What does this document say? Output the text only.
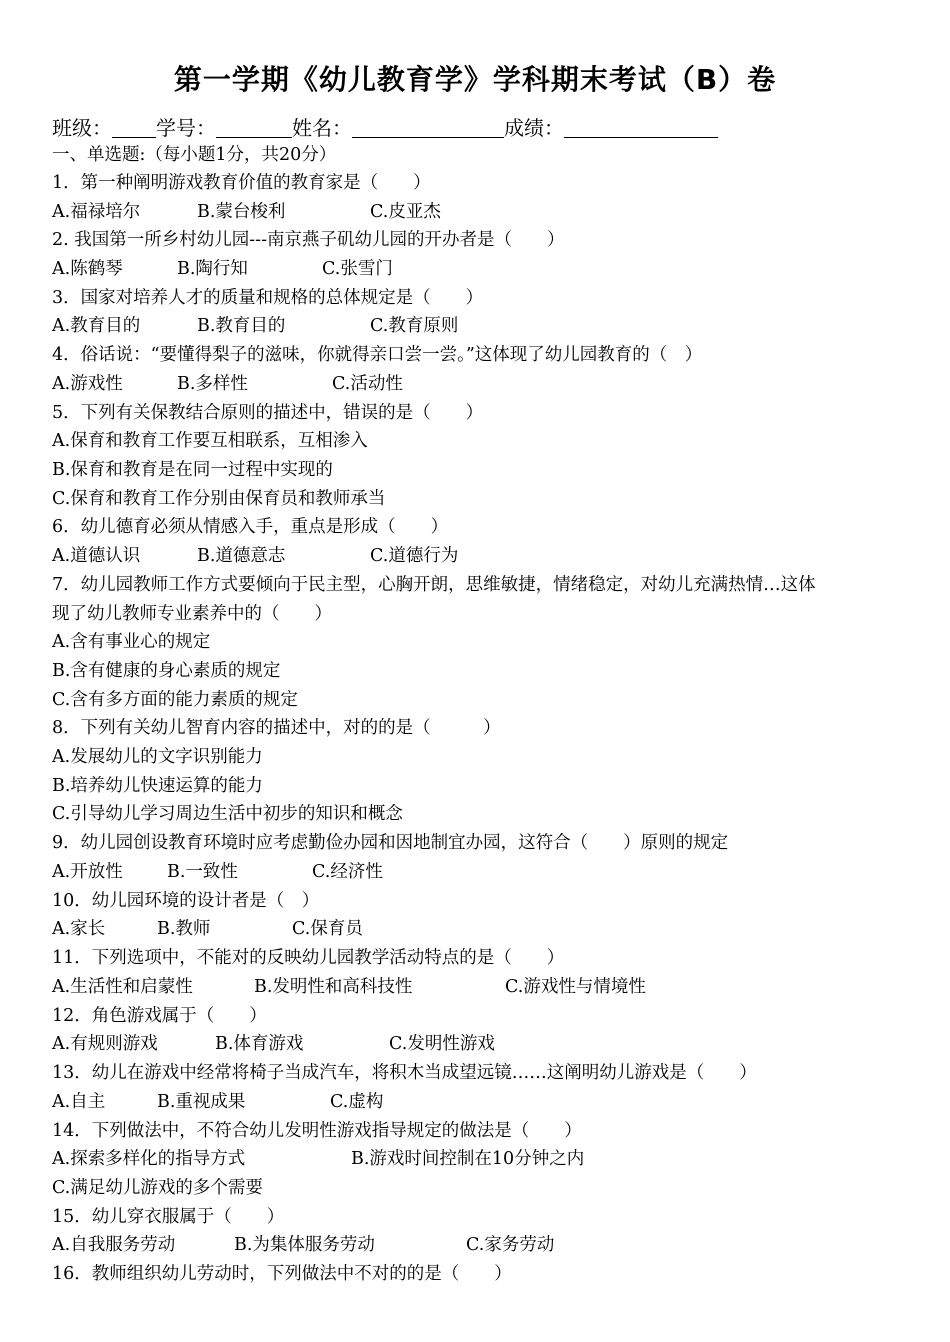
第一学期《幼儿教育学》学科期末考试（B）卷
班级： 学号：	姓名：	成绩：
一、单选题:（每小题1分，共20分）
1．第一种阐明游戏教育价值的教育家是（　　）
A.福禄培尔	B.蒙台梭利	C.皮亚杰
2. 我国第一所乡村幼儿园---南京燕子矶幼儿园的开办者是（　　）
A.陈鹤琴	B.陶行知	C.张雪门
3．国家对培养人才的质量和规格的总体规定是（　　）
A.教育目的	B.教育目的	C.教育原则
4．俗话说：“要懂得梨子的滋味，你就得亲口尝一尝。”这体现了幼儿园教育的（　）
A.游戏性	B.多样性	C.活动性
5．下列有关保教结合原则的描述中，错误的是（　　）
A.保育和教育工作要互相联系，互相渗入
B.保育和教育是在同一过程中实现的
C.保育和教育工作分别由保育员和教师承当
6．幼儿德育必须从情感入手，重点是形成（　　）
A.道德认识	B.道德意志	C.道德行为
7．幼儿园教师工作方式要倾向于民主型，心胸开朗，思维敏捷，情绪稳定，对幼儿充满热情…这体
现了幼儿教师专业素养中的（　　）
A.含有事业心的规定
B.含有健康的身心素质的规定
C.含有多方面的能力素质的规定
8．下列有关幼儿智育内容的描述中，对的的是（　　　）
A.发展幼儿的文字识别能力
B.培养幼儿快速运算的能力
C.引导幼儿学习周边生活中初步的知识和概念
9．幼儿园创设教育环境时应考虑勤俭办园和因地制宜办园，这符合（　　）原则的规定
A.开放性	B.一致性	C.经济性
10．幼儿园环境的设计者是（　）
A.家长	B.教师	C.保育员
11．下列选项中，不能对的反映幼儿园教学活动特点的是（　　）
A.生活性和启蒙性	B.发明性和高科技性	C.游戏性与情境性
12．角色游戏属于（　　）
A.有规则游戏	B.体育游戏	C.发明性游戏
13．幼儿在游戏中经常将椅子当成汽车，将积木当成望远镜……这阐明幼儿游戏是（　　）
A.自主	B.重视成果	C.虚构
14．下列做法中，不符合幼儿发明性游戏指导规定的做法是（　　）
A.探索多样化的指导方式	B.游戏时间控制在10分钟之内
C.满足幼儿游戏的多个需要
15．幼儿穿衣服属于（　　）
A.自我服务劳动	B.为集体服务劳动	C.家务劳动
16．教师组织幼儿劳动时，下列做法中不对的的是（　　）
